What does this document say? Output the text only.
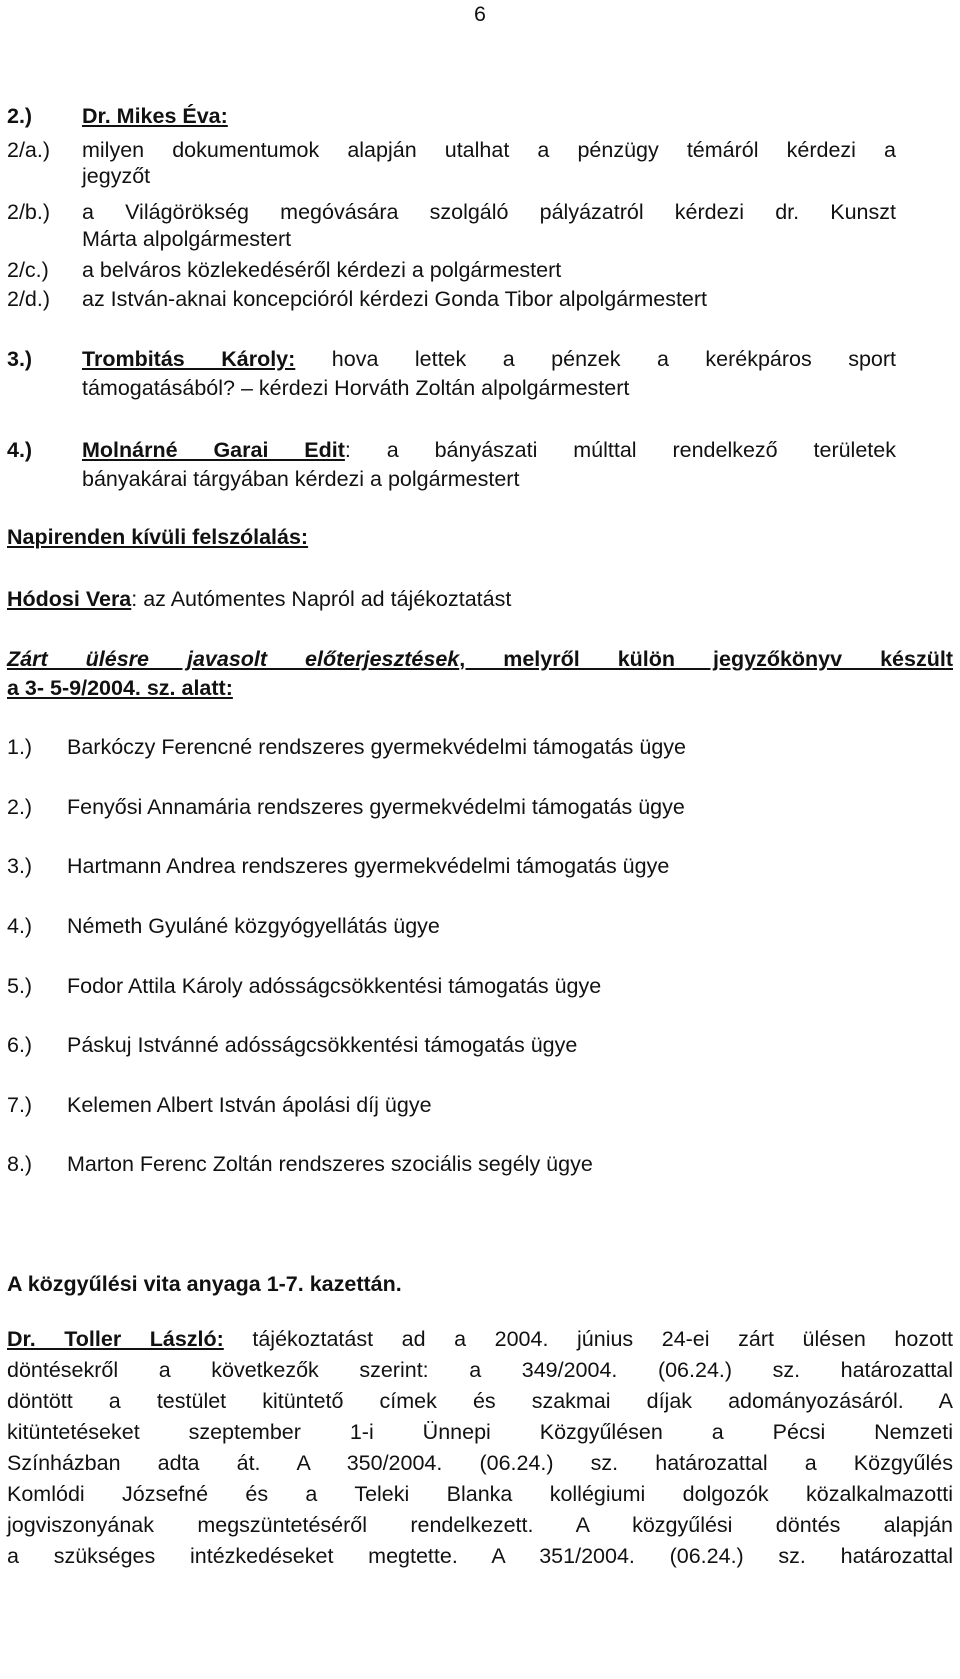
6
2.) Dr. Mikes Éva:
2/a.) milyen dokumentumok alapján utalhat a pénzügy témáról kérdezi a
jegyzőt
2/b.) a Világörökség megóvására szolgáló pályázatról kérdezi dr. Kunszt
Márta alpolgármestert
2/c.) a belváros közlekedéséről kérdezi a polgármestert
2/d.) az István-aknai koncepcióról kérdezi Gonda Tibor alpolgármestert
3.) Trombitás Károly: hova lettek a pénzek a kerékpáros sport
támogatásából? – kérdezi Horváth Zoltán alpolgármestert
4.) Molnárné Garai Edit: a bányászati múlttal rendelkező területek
bányakárai tárgyában kérdezi a polgármestert
Napirenden kívüli felszólalás:
Hódosi Vera: az Autómentes Napról ad tájékoztatást
Zárt ülésre javasolt előterjesztések, melyről külön jegyzőkönyv készült
a 3- 5-9/2004. sz. alatt:
1.) Barkóczy Ferencné rendszeres gyermekvédelmi támogatás ügye
2.) Fenyősi Annamária rendszeres gyermekvédelmi támogatás ügye
3.) Hartmann Andrea rendszeres gyermekvédelmi támogatás ügye
4.) Németh Gyuláné közgyógyellátás ügye
5.) Fodor Attila Károly adósságcsökkentési támogatás ügye
6.) Páskuj Istvánné adósságcsökkentési támogatás ügye
7.) Kelemen Albert István ápolási díj ügye
8.) Marton Ferenc Zoltán rendszeres szociális segély ügye
A közgyűlési vita anyaga 1-7. kazettán.
Dr. Toller László: tájékoztatást ad a 2004. június 24-ei zárt ülésen hozott
döntésekről a következők szerint: a 349/2004. (06.24.) sz. határozattal
döntött a testület kitüntető címek és szakmai díjak adományozásáról. A
kitüntetéseket szeptember 1-i Ünnepi Közgyűlésen a Pécsi Nemzeti
Színházban adta át. A 350/2004. (06.24.) sz. határozattal a Közgyűlés
Komlódi Józsefné és a Teleki Blanka kollégiumi dolgozók közalkalmazotti
jogviszonyának megszüntetéséről rendelkezett. A közgyűlési döntés alapján
a szükséges intézkedéseket megtette. A 351/2004. (06.24.) sz. határozattal
